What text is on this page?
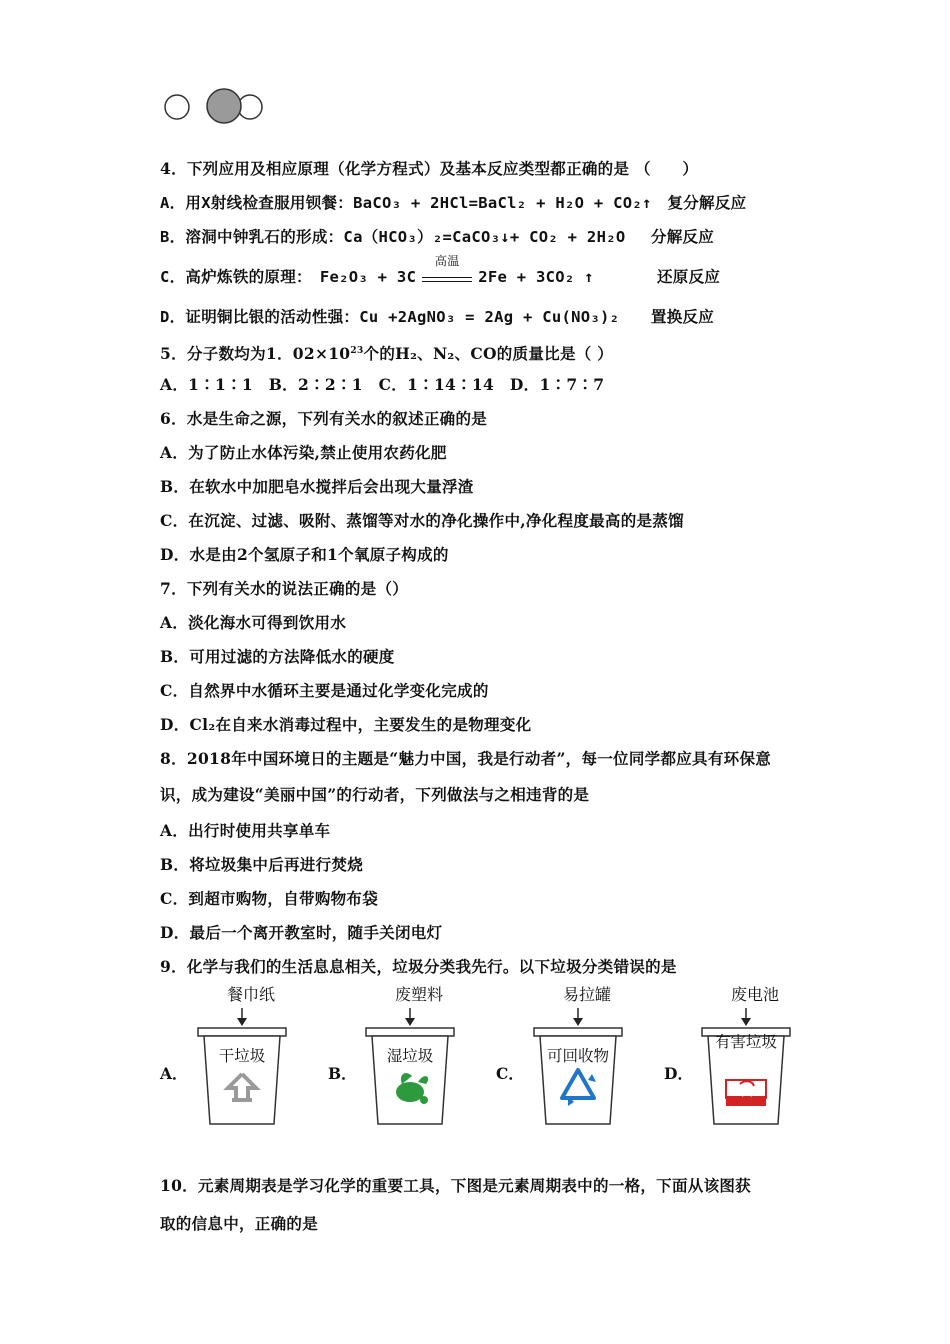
4．下列应用及相应原理（化学方程式）及基本反应类型都正确的是 （　　）
A．用X射线检查服用钡餐：BaCO₃ + 2HCl=BaCl₂ + H₂O + CO₂↑　复分解反应
B．溶洞中钟乳石的形成：Ca（HCO₃）₂=CaCO₃↓+ CO₂ + 2H₂O　 分解反应
C．高炉炼铁的原理：　Fe₂O₃ + 3C
高温
2Fe + 3CO₂ ↑　　　　还原反应
D．证明铜比银的活动性强：Cu +2AgNO₃ = 2Ag + Cu(NO₃)₂　　置换反应
5．分子数均为1．$02\times 10^{23}$个的H₂、N₂、CO的质量比是（ ）
A．1∶1∶1　B．2∶2∶1　C．1∶14∶14　D．1∶7∶7
6．水是生命之源，下列有关水的叙述正确的是
A．为了防止水体污染,禁止使用农药化肥
B．在软水中加肥皂水搅拌后会出现大量浮渣
C．在沉淀、过滤、吸附、蒸馏等对水的净化操作中,净化程度最高的是蒸馏
D．水是由2个氢原子和1个氧原子构成的
7．下列有关水的说法正确的是（）
A．淡化海水可得到饮用水
B．可用过滤的方法降低水的硬度
C．自然界中水循环主要是通过化学变化完成的
D．Cl₂在自来水消毒过程中，主要发生的是物理变化
8．2018年中国环境日的主题是“魅力中国，我是行动者”，每一位同学都应具有环保意
识，成为建设“美丽中国”的行动者，下列做法与之相违背的是
A．出行时使用共享单车
B．将垃圾集中后再进行焚烧
C．到超市购物，自带购物布袋
D．最后一个离开教室时，随手关闭电灯
9．化学与我们的生活息息相关，垃圾分类我先行。以下垃圾分类错误的是
A．
餐巾纸
干垃圾
B．
废塑料
湿垃圾
C．
易拉罐
可回收物
D．
废电池
有害垃圾
10．元素周期表是学习化学的重要工具，下图是元素周期表中的一格，下面从该图获
取的信息中，正确的是
